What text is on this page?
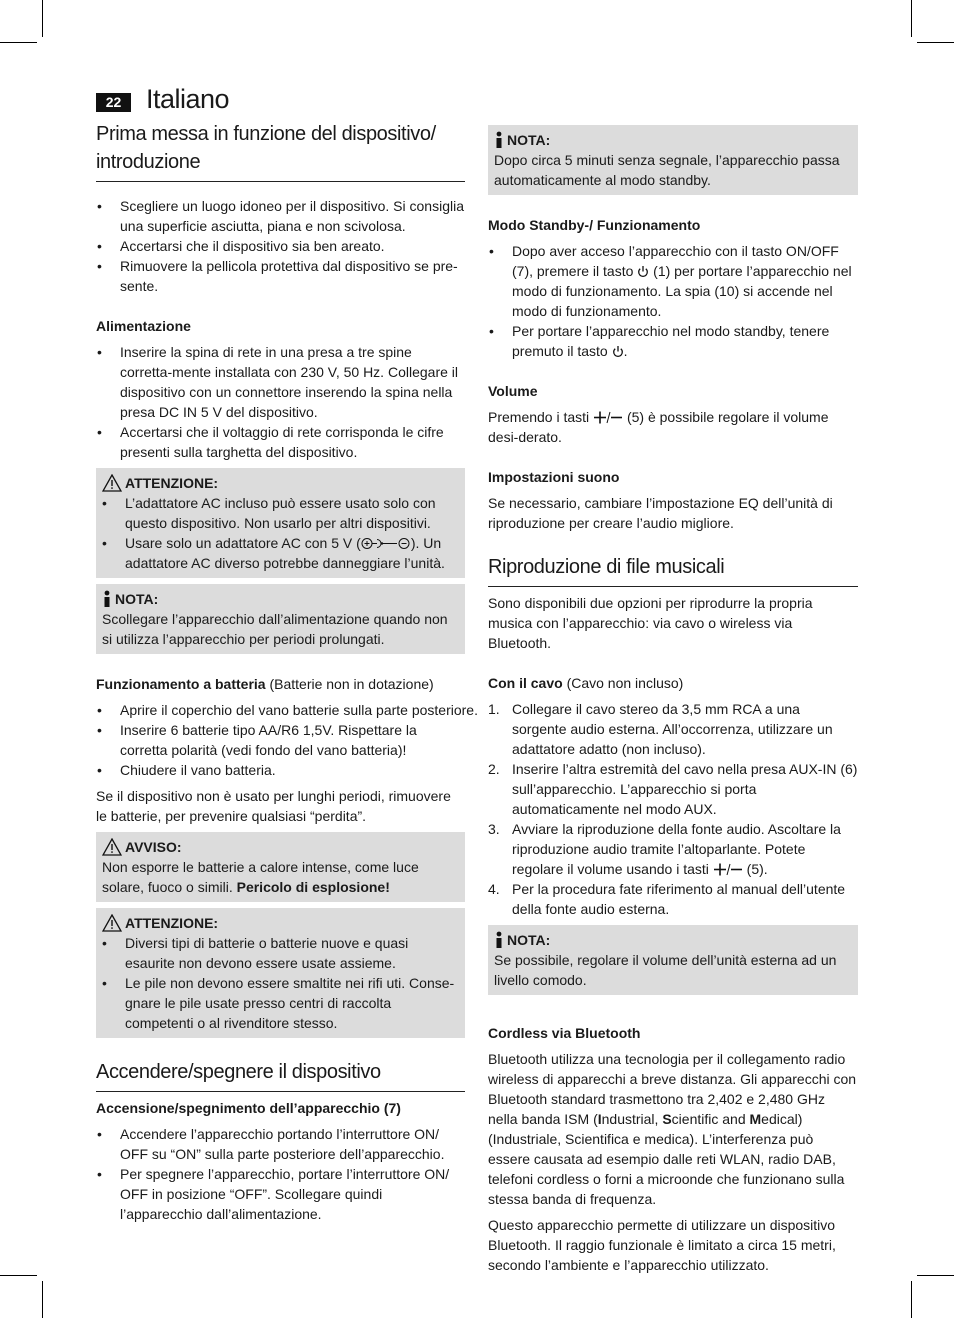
22 Italiano
Prima messa in funzione del dispositivo/ introduzione
• Scegliere un luogo idoneo per il dispositivo. Si consiglia una superficie asciutta, piana e non scivolosa.
• Accertarsi che il dispositivo sia ben areato.
• Rimuovere la pellicola protettiva dal dispositivo se pre-sente.
Alimentazione
• Inserire la spina di rete in una presa a tre spine corretta-mente installata con 230 V, 50 Hz. Collegare il dispositivo con un connettore inserendo la spina nella presa DC IN 5 V del dispositivo.
• Accertarsi che il voltaggio di rete corrisponda le cifre presenti sulla targhetta del dispositivo.
ATTENZIONE:
• L’adattatore AC incluso può essere usato solo con questo dispositivo. Non usarlo per altri dispositivi.
• Usare solo un adattatore AC con 5 V (	). Un adattatore AC diverso potrebbe danneggiare l’unità.
NOTA:

Scollegare l’apparecchio dall’alimentazione quando non si utilizza l’apparecchio per periodi prolungati.

Funzionamento a batteria (Batterie non in dotazione)

• Aprire il coperchio del vano batterie sulla parte posteriore.
• Inserire 6 batterie tipo AA/R6 1,5V. Rispettare la corretta polarità (vedi fondo del vano batteria)!
• Chiudere il vano batteria.

Se il dispositivo non è usato per lunghi periodi, rimuovere le batterie, per prevenire qualsiasi “perdita”.

AVVISO:

Non esporre le batterie a calore intense, come luce solare, fuoco o simili. Pericolo di esplosione!

ATTENZIONE:
• Diversi tipi di batterie o batterie nuove e quasi esaurite non devono essere usate assieme.
• Le pile non devono essere smaltite nei rifi uti. Conse-gnare le pile usate presso centri di raccolta competenti o al rivenditore stesso.
Accendere/spegnere il dispositivo
Accensione/spegnimento dell’apparecchio (7)
• Accendere l’apparecchio portando l’interruttore ON/ OFF su “ON” sulla parte posteriore dell’apparecchio.
• Per spegnere l’apparecchio, portare l’interruttore ON/ OFF in posizione “OFF”. Scollegare quindi l’apparecchio dall’alimentazione.
NOTA:

Dopo circa 5 minuti senza segnale, l’apparecchio passa automaticamente al modo standby.

Modo Standby-/ Funzionamento
• Dopo aver acceso l’apparecchio con il tasto ON/OFF (7), premere il tasto  (1) per portare l’apparecchio nel modo di funzionamento. La spia (10) si accende nel modo di funzionamento.
• Per portare l’apparecchio nel modo standby, tenere premuto il tasto .
Volume

Premendo i tasti  (5) è possibile regolare il volume desi-derato.

Impostazioni suono

Se necessario, cambiare l’impostazione EQ dell’unità di riproduzione per creare l’audio migliore.

Riproduzione di file musicali

Sono disponibili due opzioni per riprodurre la propria musica con l’apparecchio: via cavo o wireless via Bluetooth.

Con il cavo (Cavo non incluso)

1. Collegare il cavo stereo da 3,5 mm RCA a una sorgente audio esterna. All’occorrenza, utilizzare un adattatore adatto (non incluso).
2. Inserire l’altra estremità del cavo nella presa AUX-IN (6) sull’apparecchio. L’apparecchio si porta automaticamente nel modo AUX.
3. Avviare la riproduzione della fonte audio. Ascoltare la riproduzione audio tramite l’altoparlante. Potete regolare il volume usando i tasti  (5).
4. Per la procedura fate riferimento al manual dell’utente della fonte audio esterna.
NOTA:

Se possibile, regolare il volume dell’unità esterna ad un livello comodo.

Cordless via Bluetooth

Bluetooth utilizza una tecnologia per il collegamento radio wireless di apparecchi a breve distanza. Gli apparecchi con Bluetooth standard trasmettono tra 2,402 e 2,480 GHz nella banda ISM (Industrial, Scientific and Medical) (Industriale, Scientifica e medica). L’interferenza può essere causata ad esempio dalle reti WLAN, radio DAB, telefoni cordless o forni a microonde che funzionano sulla stessa banda di frequenza.

Questo apparecchio permette di utilizzare un dispositivo Bluetooth. Il raggio funzionale è limitato a circa 15 metri, secondo l’ambiente e l’apparecchio utilizzato.
